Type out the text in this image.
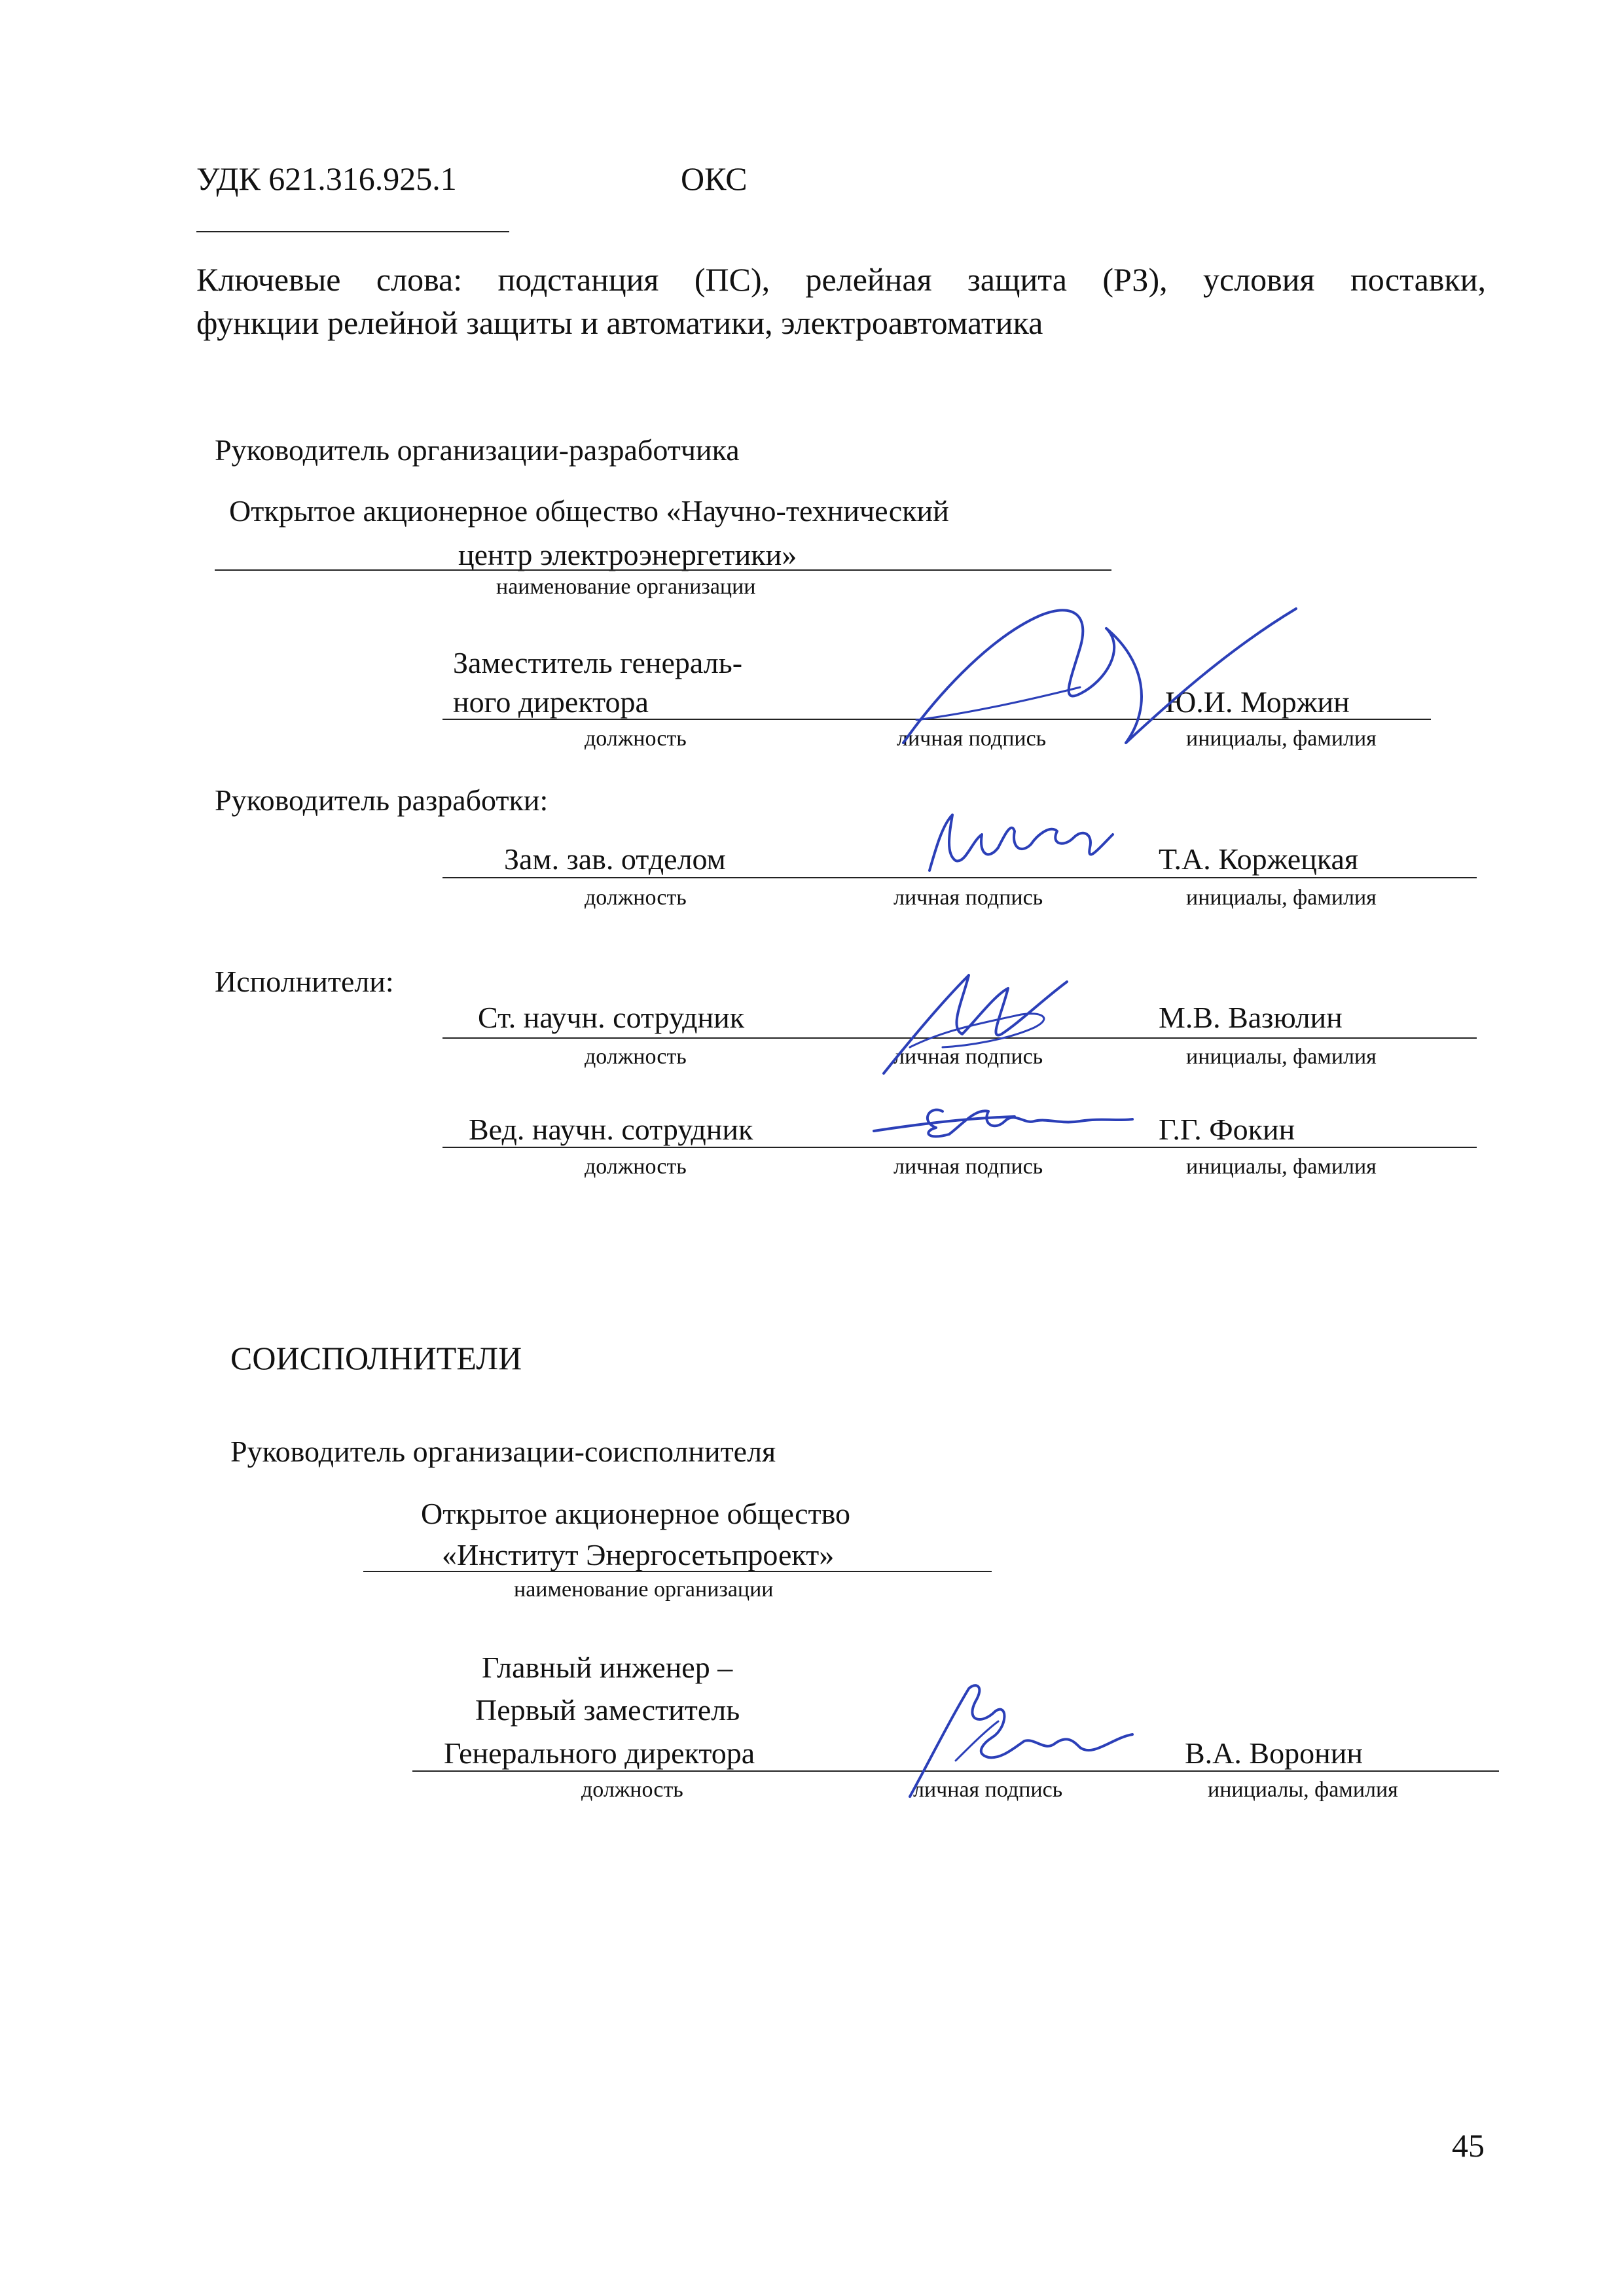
УДК 621.316.925.1	ОКС
Ключевые  слова:  подстанция  (ПС),  релейная  защита  (РЗ),  условия  поставки,
функции релейной защиты и автоматики, электроавтоматика
Руководитель организации-разработчика
Открытое акционерное общество «Научно-технический
центр электроэнергетики»
наименование организации
Заместитель генераль-
ного директора	Ю.И. Моржин
должность	личная подпись	инициалы, фамилия
Руководитель разработки:
Зам. зав. отделом	Т.А. Коржецкая
должность	личная подпись	инициалы, фамилия
Исполнители:
Ст. научн. сотрудник	М.В. Вазюлин
должность	личная подпись	инициалы, фамилия
Вед. научн. сотрудник	Г.Г. Фокин
должность	личная подпись	инициалы, фамилия
СОИСПОЛНИТЕЛИ
Руководитель организации-соисполнителя
Открытое акционерное общество
«Институт Энергосетьпроект»
наименование организации
Главный инженер –
Первый заместитель
Генерального директора	В.А. Воронин
должность	личная подпись	инициалы, фамилия
45
